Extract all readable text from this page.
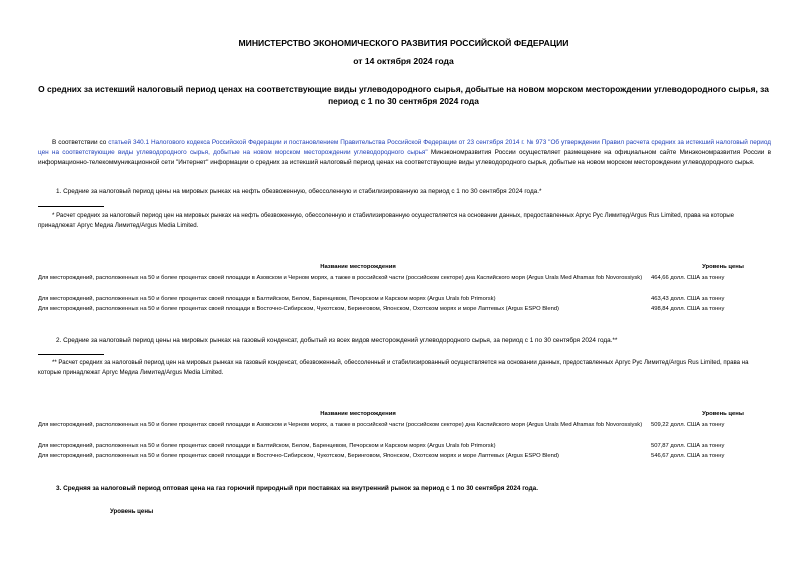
МИНИСТЕРСТВО ЭКОНОМИЧЕСКОГО РАЗВИТИЯ РОССИЙСКОЙ ФЕДЕРАЦИИ
от 14 октября 2024 года
О средних за истекший налоговый период ценах на соответствующие виды углеводородного сырья, добытые на новом морском месторождении углеводородного сырья, за период с 1 по 30 сентября 2024 года
В соответствии со статьей 340.1 Налогового кодекса Российской Федерации и постановлением Правительства Российской Федерации от 23 сентября 2014 г. № 973 "Об утверждении Правил расчета средних за истекший налоговый период цен на соответствующие виды углеводородного сырья, добытые на новом морском месторождении углеводородного сырья" Минэкономразвития России осуществляет размещение на официальном сайте Минэкономразвития России в информационно-телекоммуникационной сети "Интернет" информации о средних за истекший налоговый период ценах на соответствующие виды углеводородного сырья, добытые на новом морском месторождении углеводородного сырья.
1. Средние за налоговый период цены на мировых рынках на нефть обезвоженную, обессоленную и стабилизированную за период с 1 по 30 сентября 2024 года.*
* Расчет средних за налоговый период цен на мировых рынках на нефть обезвоженную, обессоленную и стабилизированную осуществляется на основании данных, предоставленных Аргус Рус Лимитед/Argus Rus Limited, права на которые принадлежат Аргус Медиа Лимитед/Argus Media Limited.
Название месторождения	Уровень цены
Для месторождений, расположенных на 50 и более процентах своей площади в Азовском и Черном морях, а также в российской части (российском секторе) дна Каспийского моря (Argus Urals Med Aframax fob Novorossiysk)	464,66 долл. США за тонну
Для месторождений, расположенных на 50 и более процентах своей площади в Балтийском, Белом, Баренцевом, Печорском и Карском морях (Argus Urals fob Primorsk)	463,43 долл. США за тонну
Для месторождений, расположенных на 50 и более процентах своей площади в Восточно-Сибирском, Чукотском, Беринговом, Японском, Охотском морях и море Лаптевых (Argus ESPO Blend)	498,84 долл. США за тонну
2. Средние за налоговый период цены на мировых рынках на газовый конденсат, добытый из всех видов месторождений углеводородного сырья, за период с 1 по 30 сентября 2024 года.**
** Расчет средних за налоговый период цен на мировых рынках на газовый конденсат, обезвоженный, обессоленный и стабилизированный осуществляется на основании данных, предоставленных Аргус Рус Лимитед/Argus Rus Limited, права на которые принадлежат Аргус Медиа Лимитед/Argus Media Limited.
Название месторождения	Уровень цены
Для месторождений, расположенных на 50 и более процентах своей площади в Азовском и Черном морях, а также в российской части (российском секторе) дна Каспийского моря (Argus Urals Med Aframax fob Novorossiysk)	509,22 долл. США за тонну
Для месторождений, расположенных на 50 и более процентах своей площади в Балтийском, Белом, Баренцевом, Печорском и Карском морях (Argus Urals fob Primorsk)	507,87 долл. США за тонну
Для месторождений, расположенных на 50 и более процентах своей площади в Восточно-Сибирском, Чукотском, Беринговом, Японском, Охотском морях и море Лаптевых (Argus ESPO Blend)	546,67 долл. США за тонну
3. Средняя за налоговый период оптовая цена на газ горючий природный при поставках на внутренний рынок за период с 1 по 30 сентября 2024 года.
Уровень цены
